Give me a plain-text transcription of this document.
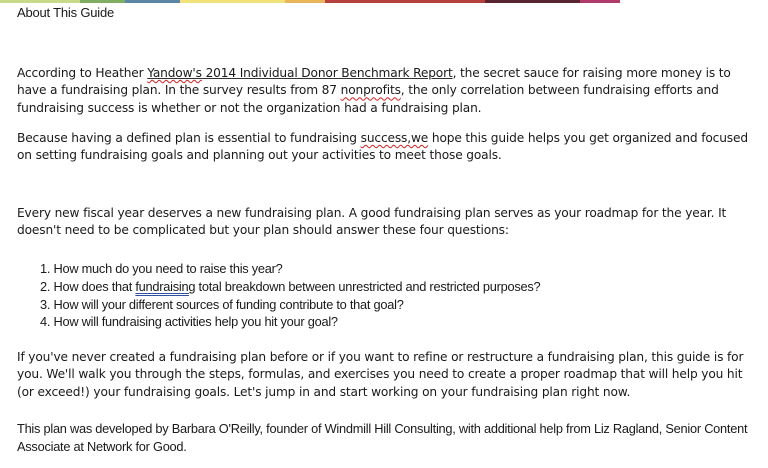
About This Guide

According to Heather Yandow's 2014 Individual Donor Benchmark Report, the secret sauce for raising more money is to have a fundraising plan. In the survey results from 87 nonprofits, the only correlation between fundraising efforts and fundraising success is whether or not the organization had a fundraising plan.

Because having a defined plan is essential to fundraising success,we hope this guide helps you get organized and focused on setting fundraising goals and planning out your activities to meet those goals.

Every new fiscal year deserves a new fundraising plan. A good fundraising plan serves as your roadmap for the year. It doesn't need to be complicated but your plan should answer these four questions:

1. How much do you need to raise this year?
2. How does that fundraising total breakdown between unrestricted and restricted purposes?
3. How will your different sources of funding contribute to that goal?
4. How will fundraising activities help you hit your goal?

If you've never created a fundraising plan before or if you want to refine or restructure a fundraising plan, this guide is for you. We'll walk you through the steps, formulas, and exercises you need to create a proper roadmap that will help you hit (or exceed!) your fundraising goals. Let's jump in and start working on your fundraising plan right now.

This plan was developed by Barbara O'Reilly, founder of Windmill Hill Consulting, with additional help from Liz Ragland, Senior Content Associate at Network for Good.
